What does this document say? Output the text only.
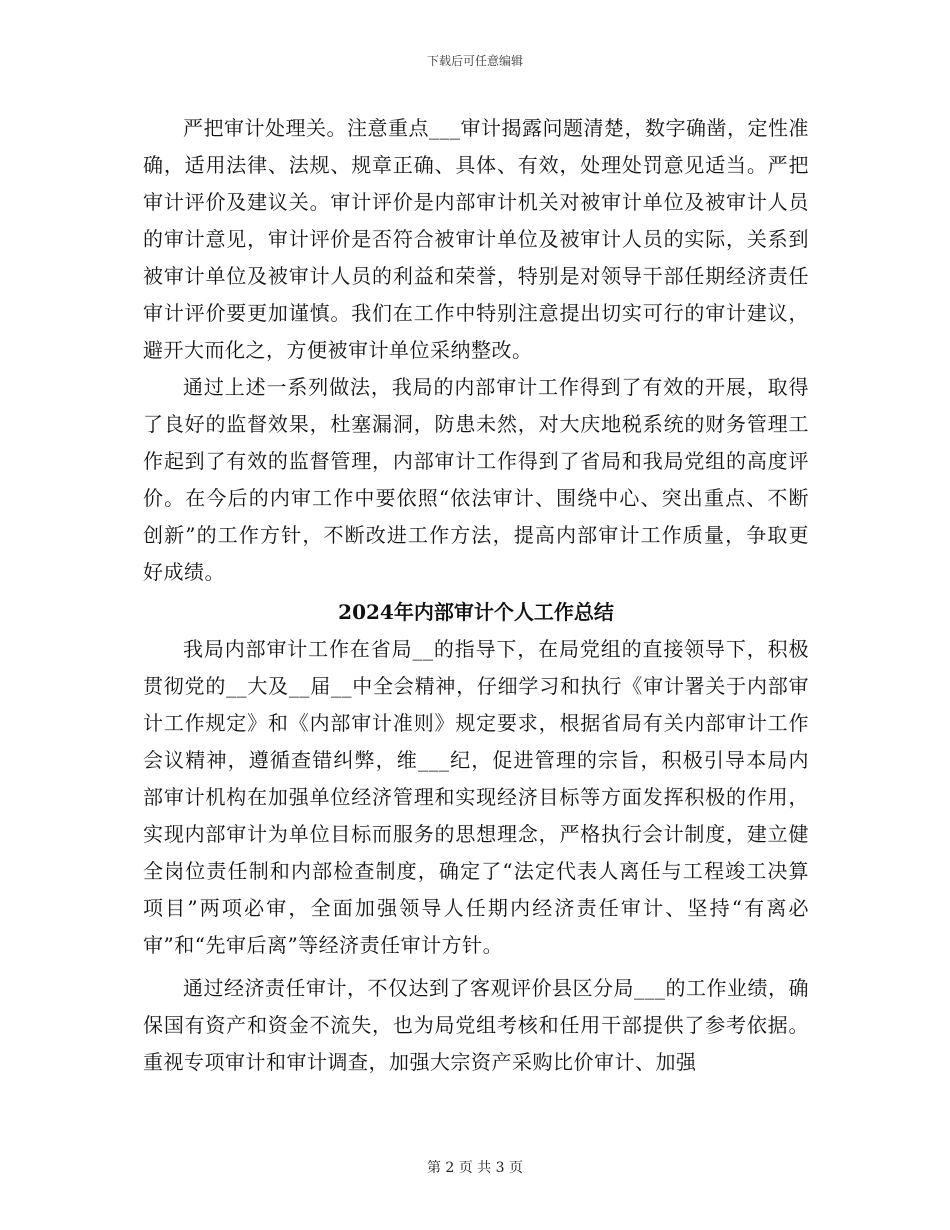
下载后可任意编辑

严把审计处理关。注意重点___审计揭露问题清楚，数字确凿，定性准确，适用法律、法规、规章正确、具体、有效，处理处罚意见适当。严把审计评价及建议关。审计评价是内部审计机关对被审计单位及被审计人员的审计意见，审计评价是否符合被审计单位及被审计人员的实际，关系到被审计单位及被审计人员的利益和荣誉，特别是对领导干部任期经济责任审计评价要更加谨慎。我们在工作中特别注意提出切实可行的审计建议，避开大而化之，方便被审计单位采纳整改。

通过上述一系列做法，我局的内部审计工作得到了有效的开展，取得了良好的监督效果，杜塞漏洞，防患未然，对大庆地税系统的财务管理工作起到了有效的监督管理，内部审计工作得到了省局和我局党组的高度评价。在今后的内审工作中要依照“依法审计、围绕中心、突出重点、不断创新”的工作方针，不断改进工作方法，提高内部审计工作质量，争取更好成绩。

2024年内部审计个人工作总结

我局内部审计工作在省局__的指导下，在局党组的直接领导下，积极贯彻党的__大及__届__中全会精神，仔细学习和执行《审计署关于内部审计工作规定》和《内部审计准则》规定要求，根据省局有关内部审计工作会议精神，遵循查错纠弊，维___纪，促进管理的宗旨，积极引导本局内部审计机构在加强单位经济管理和实现经济目标等方面发挥积极的作用，实现内部审计为单位目标而服务的思想理念，严格执行会计制度，建立健全岗位责任制和内部检查制度，确定了“法定代表人离任与工程竣工决算项目”两项必审，全面加强领导人任期内经济责任审计、坚持“有离必审”和“先审后离”等经济责任审计方针。

通过经济责任审计，不仅达到了客观评价县区分局___的工作业绩，确保国有资产和资金不流失，也为局党组考核和任用干部提供了参考依据。重视专项审计和审计调查，加强大宗资产采购比价审计、加强

第 2 页 共 3 页
